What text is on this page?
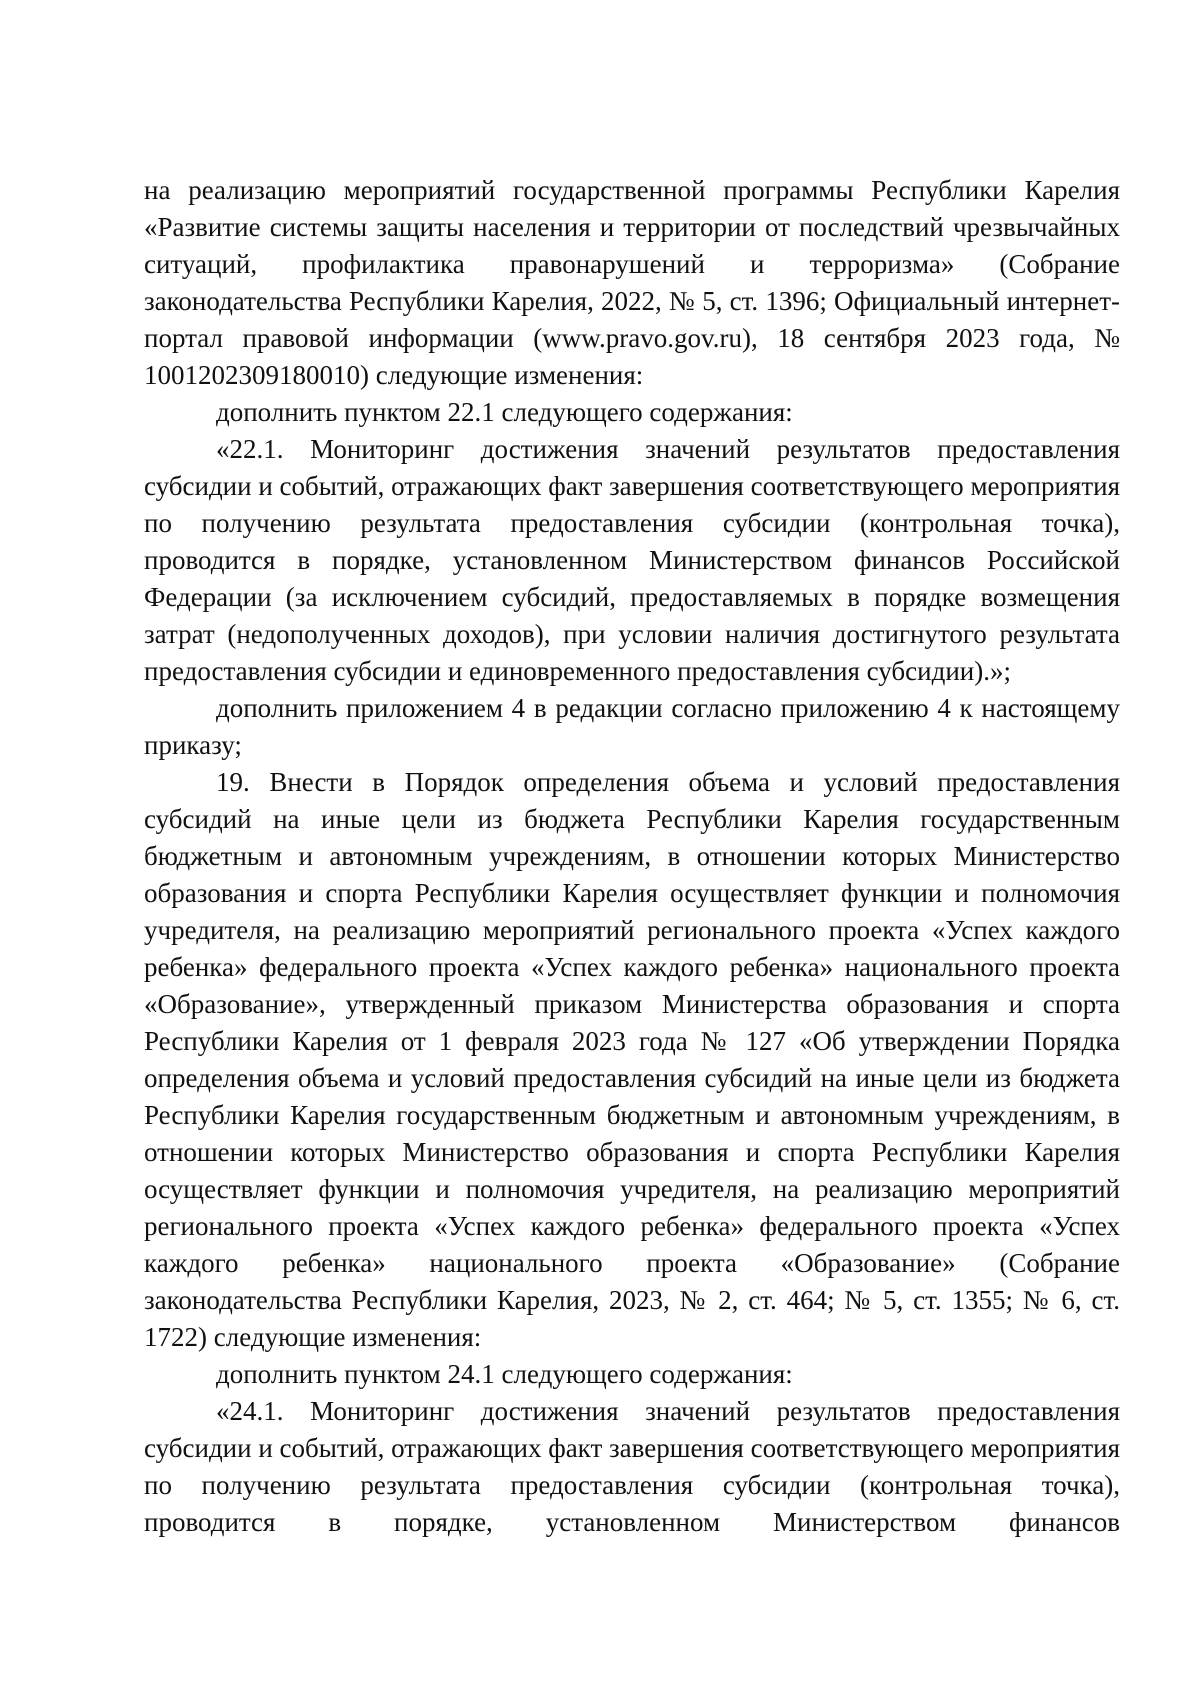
на реализацию мероприятий государственной программы Республики Карелия «Развитие системы защиты населения и территории от последствий чрезвычайных ситуаций, профилактика правонарушений и терроризма» (Собрание законодательства Республики Карелия, 2022, № 5, ст. 1396; Официальный интернет-портал правовой информации (www.pravo.gov.ru), 18 сентября 2023 года, № 1001202309180010) следующие изменения:

дополнить пунктом 22.1 следующего содержания:

«22.1. Мониторинг достижения значений результатов предоставления субсидии и событий, отражающих факт завершения соответствующего мероприятия по получению результата предоставления субсидии (контрольная точка), проводится в порядке, установленном Министерством финансов Российской Федерации (за исключением субсидий, предоставляемых в порядке возмещения затрат (недополученных доходов), при условии наличия достигнутого результата предоставления субсидии и единовременного предоставления субсидии).»;

дополнить приложением 4 в редакции согласно приложению 4 к настоящему приказу;

19. Внести в Порядок определения объема и условий предоставления субсидий на иные цели из бюджета Республики Карелия государственным бюджетным и автономным учреждениям, в отношении которых Министерство образования и спорта Республики Карелия осуществляет функции и полномочия учредителя, на реализацию мероприятий регионального проекта «Успех каждого ребенка» федерального проекта «Успех каждого ребенка» национального проекта «Образование», утвержденный приказом Министерства образования и спорта Республики Карелия от 1 февраля 2023 года № 127 «Об утверждении Порядка определения объема и условий предоставления субсидий на иные цели из бюджета Республики Карелия государственным бюджетным и автономным учреждениям, в отношении которых Министерство образования и спорта Республики Карелия осуществляет функции и полномочия учредителя, на реализацию мероприятий регионального проекта «Успех каждого ребенка» федерального проекта «Успех каждого ребенка» национального проекта «Образование» (Собрание законодательства Республики Карелия, 2023, № 2, ст. 464; № 5, ст. 1355; № 6, ст. 1722) следующие изменения:

дополнить пунктом 24.1 следующего содержания:

«24.1. Мониторинг достижения значений результатов предоставления субсидии и событий, отражающих факт завершения соответствующего мероприятия по получению результата предоставления субсидии (контрольная точка), проводится в порядке, установленном Министерством финансов
